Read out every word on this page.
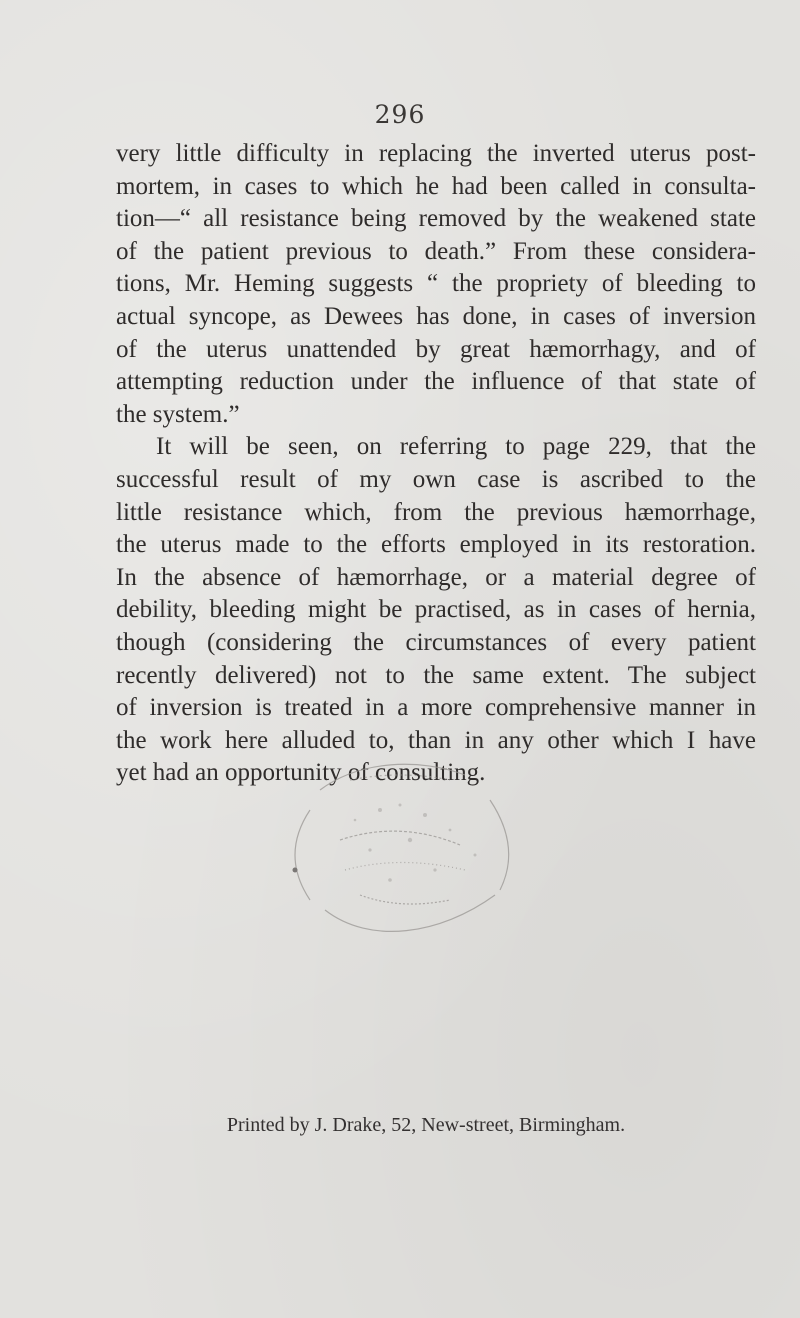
296
very little difficulty in replacing the inverted uterus post-
mortem, in cases to which he had been called in consulta-
tion—“ all resistance being removed by the weakened state
of the patient previous to death.” From these considera-
tions, Mr. Heming suggests “ the propriety of bleeding to
actual syncope, as Dewees has done, in cases of inversion
of the uterus unattended by great hæmorrhagy, and of
attempting reduction under the influence of that state of
the system.”
It will be seen, on referring to page 229, that the
successful result of my own case is ascribed to the
little resistance which, from the previous hæmorrhage,
the uterus made to the efforts employed in its restoration.
In the absence of hæmorrhage, or a material degree of
debility, bleeding might be practised, as in cases of hernia,
though (considering the circumstances of every patient
recently delivered) not to the same extent. The subject
of inversion is treated in a more comprehensive manner in
the work here alluded to, than in any other which I have
yet had an opportunity of consulting.
Printed by J. Drake, 52, New-street, Birmingham.
